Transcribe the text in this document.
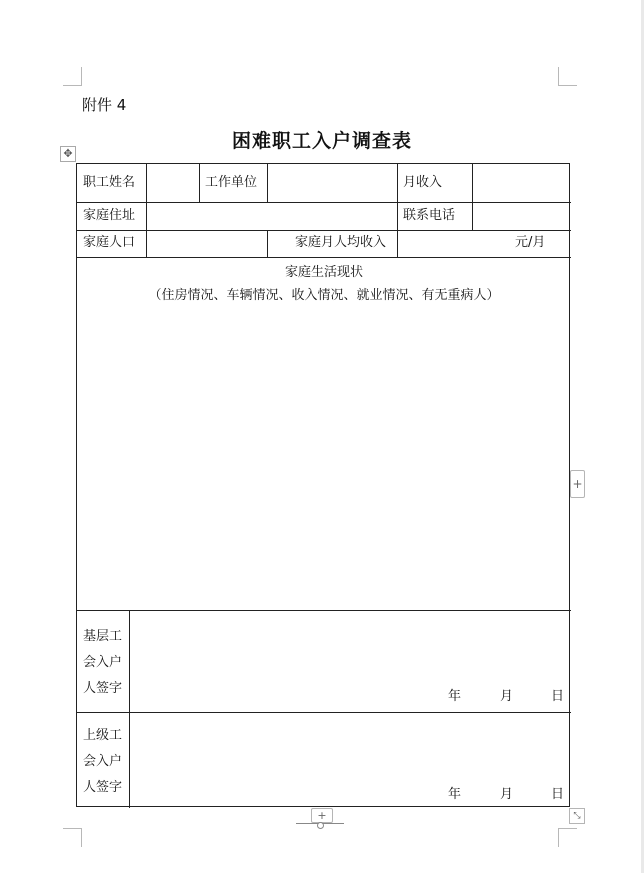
附件 4
困难职工入户调查表
✥
职工姓名	工作单位	月收入
家庭住址	联系电话
家庭人口	家庭月人均收入	元/月
家庭生活现状
（住房情况、车辆情况、收入情况、就业情况、有无重病人）
基层工
会入户
人签字
年	月	日
上级工
会入户
人签字	年	月	日
+
+	⤡
